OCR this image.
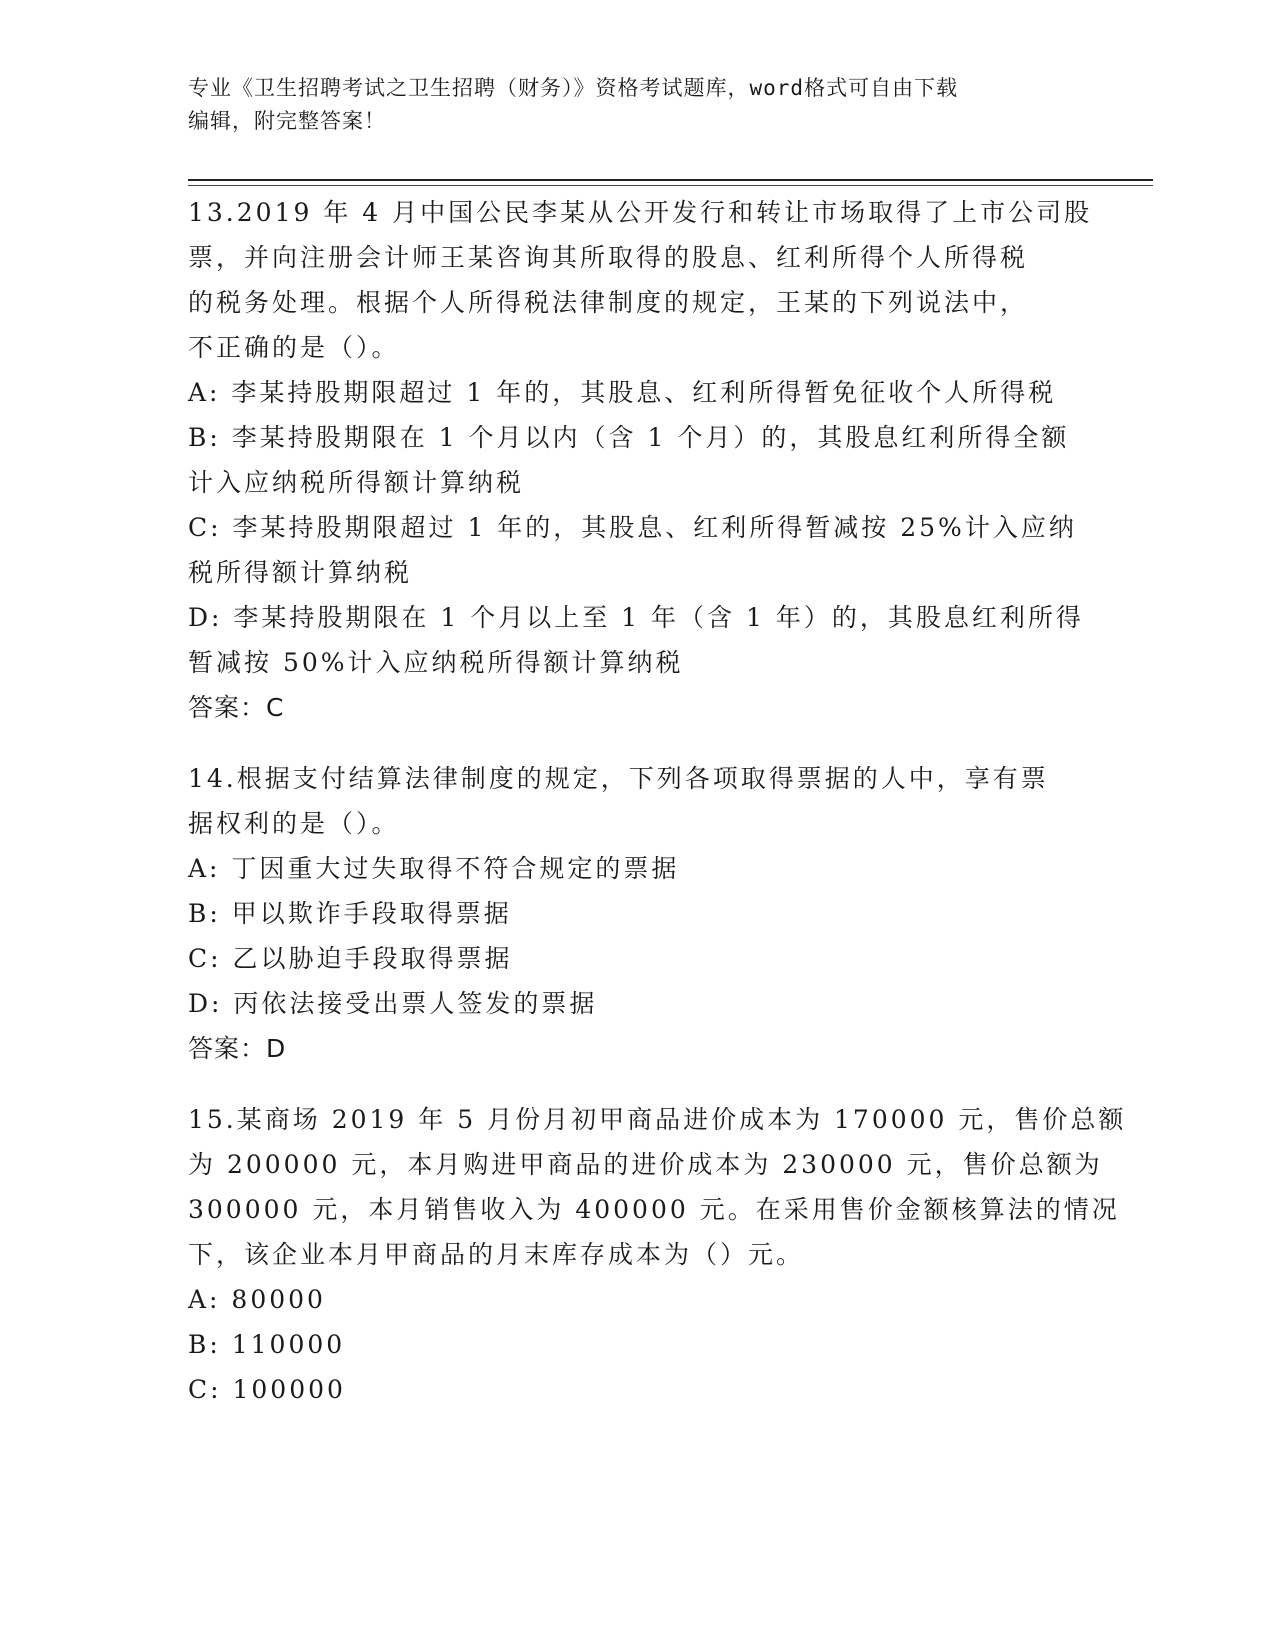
专业《卫生招聘考试之卫生招聘（财务）》资格考试题库，word格式可自由下载
编辑，附完整答案！
13.2019 年 4 月中国公民李某从公开发行和转让市场取得了上市公司股
票，并向注册会计师王某咨询其所取得的股息、红利所得个人所得税
的税务处理。根据个人所得税法律制度的规定，王某的下列说法中，
不正确的是（）。
A: 李某持股期限超过 1 年的，其股息、红利所得暂免征收个人所得税
B: 李某持股期限在 1 个月以内（含 1 个月）的，其股息红利所得全额
计入应纳税所得额计算纳税
C: 李某持股期限超过 1 年的，其股息、红利所得暂减按 25%计入应纳
税所得额计算纳税
D: 李某持股期限在 1 个月以上至 1 年（含 1 年）的，其股息红利所得
暂减按 50%计入应纳税所得额计算纳税
答案：C
14.根据支付结算法律制度的规定，下列各项取得票据的人中，享有票
据权利的是（）。
A: 丁因重大过失取得不符合规定的票据
B: 甲以欺诈手段取得票据
C: 乙以胁迫手段取得票据
D: 丙依法接受出票人签发的票据
答案：D
15.某商场 2019 年 5 月份月初甲商品进价成本为 170000 元，售价总额
为 200000 元，本月购进甲商品的进价成本为 230000 元，售价总额为
300000 元，本月销售收入为 400000 元。在采用售价金额核算法的情况
下，该企业本月甲商品的月末库存成本为（）元。
A: 80000
B: 110000
C: 100000
